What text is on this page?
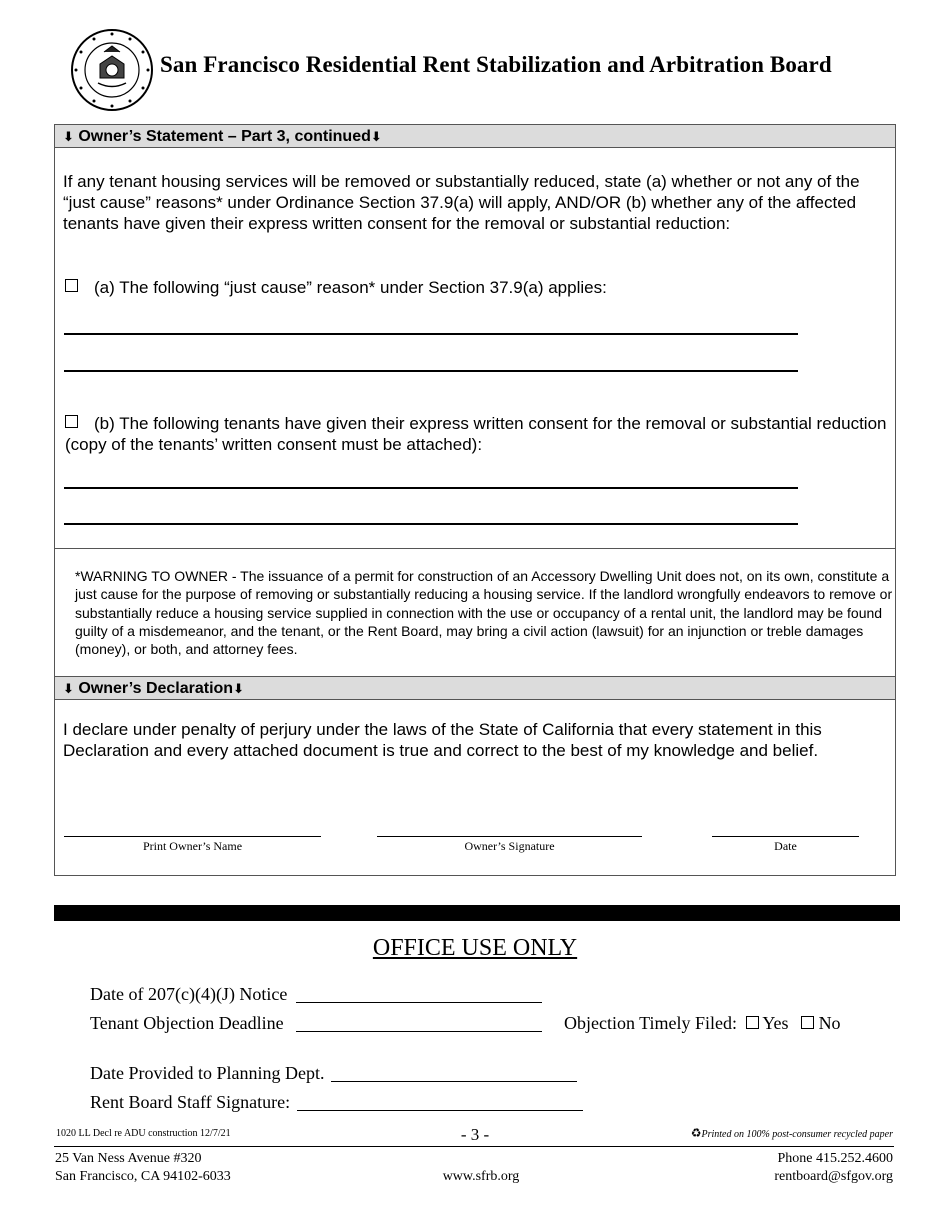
San Francisco Residential Rent Stabilization and Arbitration Board
⬇ Owner’s Statement – Part 3, continued⬇
If any tenant housing services will be removed or substantially reduced, state (a) whether or not any of the “just cause” reasons* under Ordinance Section 37.9(a) will apply, AND/OR (b) whether any of the affected tenants have given their express written consent for the removal or substantial reduction:
(a) The following “just cause” reason* under Section 37.9(a) applies:
(b) The following tenants have given their express written consent for the removal or substantial reduction (copy of the tenants’ written consent must be attached):
*WARNING TO OWNER - The issuance of a permit for construction of an Accessory Dwelling Unit does not, on its own, constitute a just cause for the purpose of removing or substantially reducing a housing service. If the landlord wrongfully endeavors to remove or substantially reduce a housing service supplied in connection with the use or occupancy of a rental unit, the landlord may be found guilty of a misdemeanor, and the tenant, or the Rent Board, may bring a civil action (lawsuit) for an injunction or treble damages (money), or both, and attorney fees.
⬇ Owner’s Declaration⬇
I declare under penalty of perjury under the laws of the State of California that every statement in this Declaration and every attached document is true and correct to the best of my knowledge and belief.
Print Owner’s Name	Owner’s Signature	Date
OFFICE USE ONLY
Date of 207(c)(4)(J) Notice
Tenant Objection Deadline	Objection Timely Filed: Yes No
Date Provided to Planning Dept.
Rent Board Staff Signature:
1020 LL Decl re ADU construction 12/7/21	- 3 -	♻Printed on 100% post-consumer recycled paper
25 Van Ness Avenue #320
San Francisco, CA 94102-6033	www.sfrb.org
Phone 415.252.4600
rentboard@sfgov.org
